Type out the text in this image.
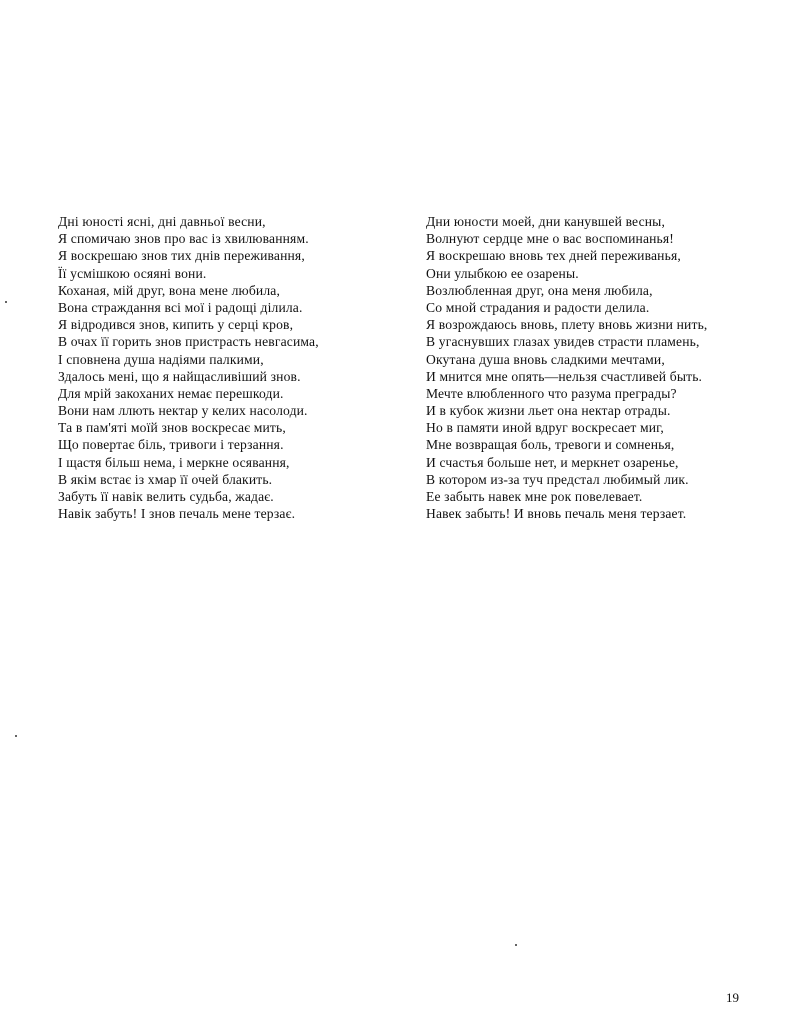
Дні юності ясні, дні давньої весни,
Я спомичаю знов про вас із хвилюванням.
Я воскрешаю знов тих днів переживання,
Її усмішкою осяяні вони.
Коханая, мій друг, вона мене любила,
Вона страждання всі мої і радощі ділила.
Я відродився знов, кипить у серці кров,
В очах її горить знов пристрасть невгасима,
І сповнена душа надіями палкими,
Здалось мені, що я найщасливіший знов.
Для мрій закоханих немає перешкоди.
Вони нам ллють нектар у келих насолоди.
Та в пам'яті моїй знов воскресає мить,
Що повертає біль, тривоги і терзання.
І щастя більш нема, і меркне осявання,
В якім встає із хмар її очей блакить.
Забуть її навік велить судьба, жадає.
Навік забуть! І знов печаль мене терзає.
Дни юности моей, дни канувшей весны,
Волнуют сердце мне о вас воспоминанья!
Я воскрешаю вновь тех дней переживанья,
Они улыбкою ее озарены.
Возлюбленная друг, она меня любила,
Со мной страдания и радости делила.
Я возрождаюсь вновь, плету вновь жизни нить,
В угаснувших глазах увидев страсти пламень,
Окутана душа вновь сладкими мечтами,
И мнится мне опять—нельзя счастливей быть.
Мечте влюбленного что разума преграды?
И в кубок жизни льет она нектар отрады.
Но в памяти иной вдруг воскресает миг,
Мне возвращая боль, тревоги и сомненья,
И счастья больше нет, и меркнет озаренье,
В котором из-за туч предстал любимый лик.
Ее забыть навек мне рок повелевает.
Навек забыть! И вновь печаль меня терзает.
19
